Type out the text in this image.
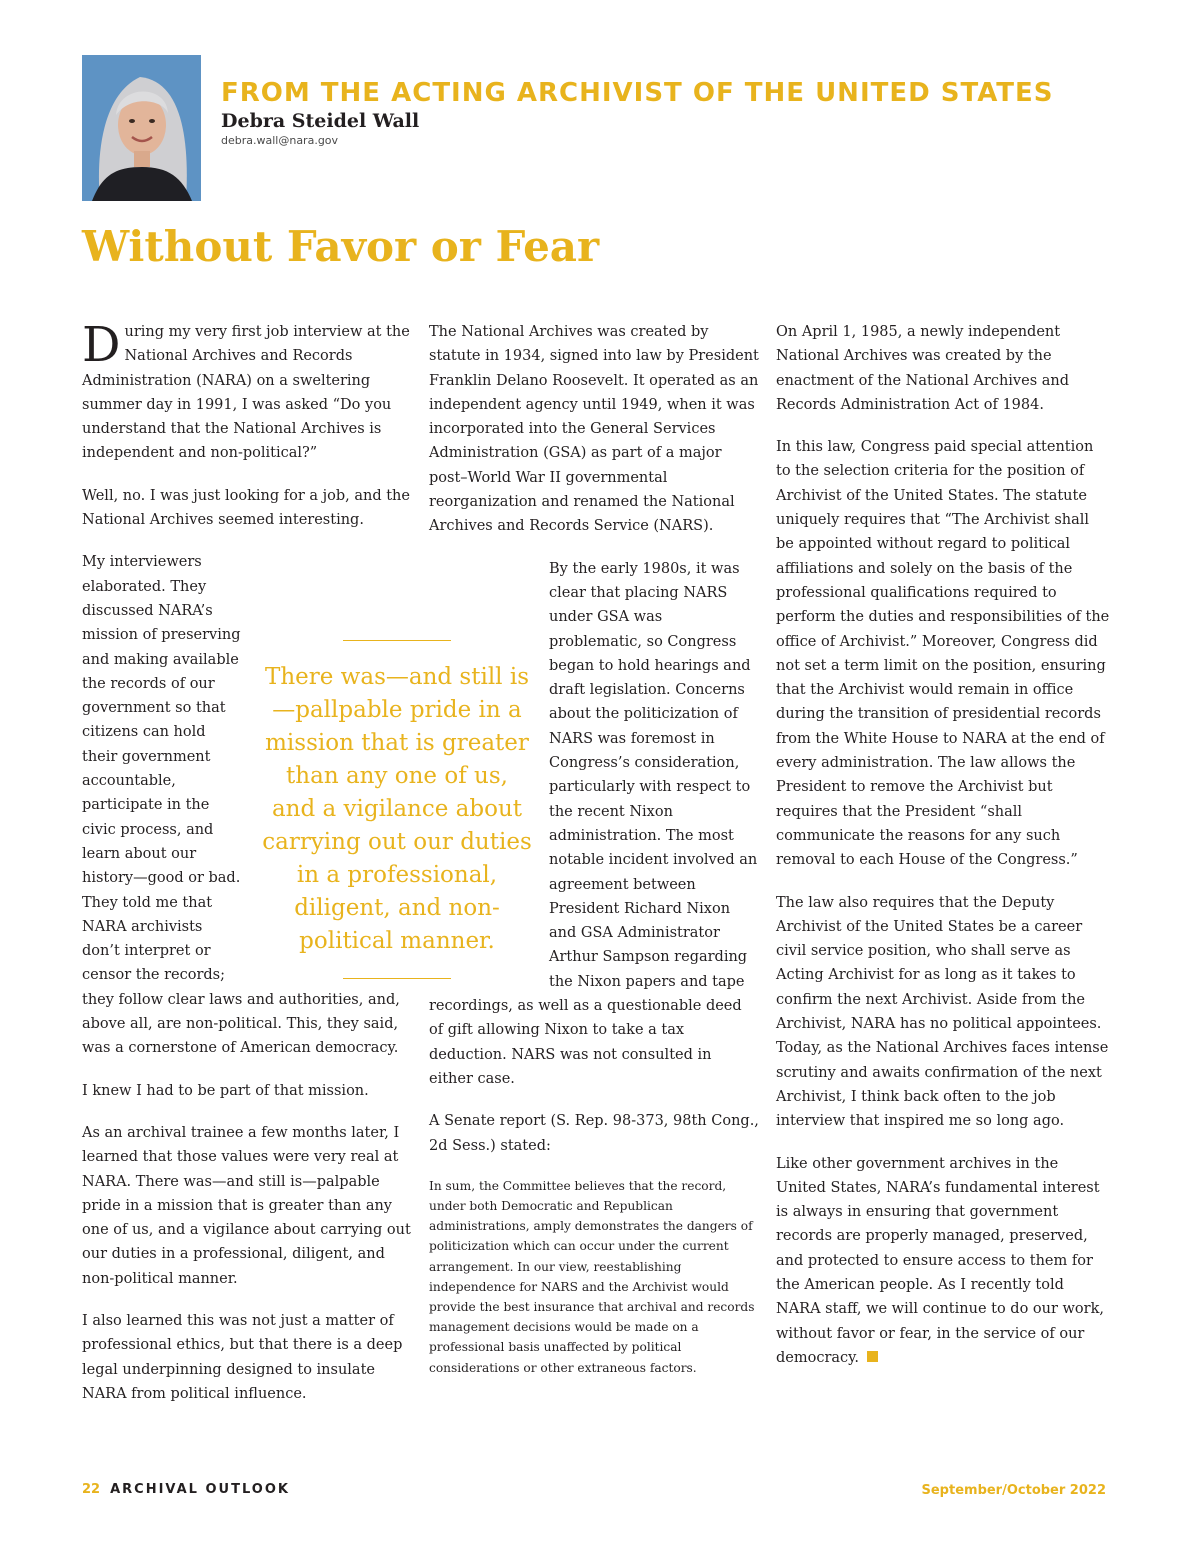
FROM THE ACTING ARCHIVIST OF THE UNITED STATES

Debra Steidel Wall

debra.wall@nara.gov

Without Favor or Fear

During my very first job interview at the National Archives and Records Administration (NARA) on a sweltering summer day in 1991, I was asked “Do you understand that the National Archives is independent and non-political?”

Well, no. I was just looking for a job, and the National Archives seemed interesting.

My interviewers elaborated. They discussed NARA’s mission of preserving and making available the records of our government so that citizens can hold their government accountable, participate in the civic process, and learn about our history—good or bad. They told me that NARA archivists don’t interpret or censor the records; they follow clear laws and authorities, and, above all, are non-political. This, they said, was a cornerstone of American democracy.

I knew I had to be part of that mission.

As an archival trainee a few months later, I learned that those values were very real at NARA. There was—and still is—palpable pride in a mission that is greater than any one of us, and a vigilance about carrying out our duties in a professional, diligent, and non-political manner.

I also learned this was not just a matter of professional ethics, but that there is a deep legal underpinning designed to insulate NARA from political influence.

The National Archives was created by statute in 1934, signed into law by President Franklin Delano Roosevelt. It operated as an independent agency until 1949, when it was incorporated into the General Services Administration (GSA) as part of a major post–World War II governmental reorganization and renamed the National Archives and Records Service (NARS).

By the early 1980s, it was clear that placing NARS under GSA was problematic, so Congress began to hold hearings and draft legislation. Concerns about the politicization of NARS was foremost in Congress’s consideration, particularly with respect to the recent Nixon administration. The most notable incident involved an agreement between President Richard Nixon and GSA Administrator Arthur Sampson regarding the Nixon papers and tape recordings, as well as a questionable deed of gift allowing Nixon to take a tax deduction. NARS was not consulted in either case.

A Senate report (S. Rep. 98-373, 98th Cong., 2d Sess.) stated:

In sum, the Committee believes that the record, under both Democratic and Republican administrations, amply demonstrates the dangers of politicization which can occur under the current arrangement. In our view, reestablishing independence for NARS and the Archivist would provide the best insurance that archival and records management decisions would be made on a professional basis unaffected by political considerations or other extraneous factors.

On April 1, 1985, a newly independent National Archives was created by the enactment of the National Archives and Records Administration Act of 1984.

In this law, Congress paid special attention to the selection criteria for the position of Archivist of the United States. The statute uniquely requires that “The Archivist shall be appointed without regard to political affiliations and solely on the basis of the professional qualifications required to perform the duties and responsibilities of the office of Archivist.” Moreover, Congress did not set a term limit on the position, ensuring that the Archivist would remain in office during the transition of presidential records from the White House to NARA at the end of every administration. The law allows the President to remove the Archivist but requires that the President “shall communicate the reasons for any such removal to each House of the Congress.”

The law also requires that the Deputy Archivist of the United States be a career civil service position, who shall serve as Acting Archivist for as long as it takes to confirm the next Archivist. Aside from the Archivist, NARA has no political appointees. Today, as the National Archives faces intense scrutiny and awaits confirmation of the next Archivist, I think back often to the job interview that inspired me so long ago.

Like other government archives in the United States, NARA’s fundamental interest is always in ensuring that government records are properly managed, preserved, and protected to ensure access to them for the American people. As I recently told NARA staff, we will continue to do our work, without favor or fear, in the service of our democracy.

There was—and still is—pallpable pride in a mission that is greater than any one of us, and a vigilance about carrying out our duties in a professional, diligent, and non-political manner.

22 ARCHIVAL OUTLOOK	September/October 2022
